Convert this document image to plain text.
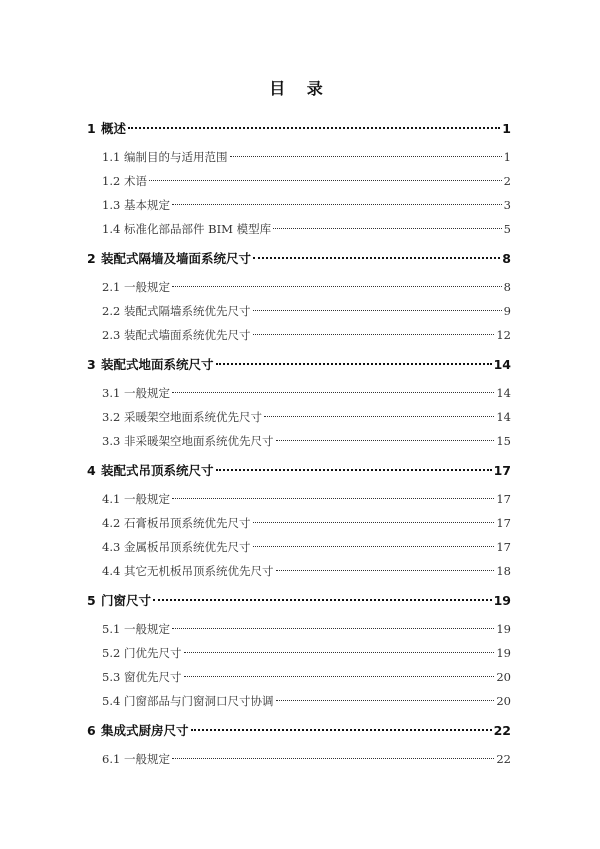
目 录
1 概述	1
1.1 编制目的与适用范围	1
1.2 术语	2
1.3 基本规定	3
1.4 标准化部品部件 BIM 模型库	5
2 装配式隔墙及墙面系统尺寸	8
2.1 一般规定	8
2.2 装配式隔墙系统优先尺寸	9
2.3 装配式墙面系统优先尺寸	12
3 装配式地面系统尺寸	14
3.1 一般规定	14
3.2 采暖架空地面系统优先尺寸	14
3.3 非采暖架空地面系统优先尺寸	15
4 装配式吊顶系统尺寸	17
4.1 一般规定	17
4.2 石膏板吊顶系统优先尺寸	17
4.3 金属板吊顶系统优先尺寸	17
4.4 其它无机板吊顶系统优先尺寸	18
5 门窗尺寸	19
5.1 一般规定	19
5.2 门优先尺寸	19
5.3 窗优先尺寸	20
5.4 门窗部品与门窗洞口尺寸协调	20
6 集成式厨房尺寸	22
6.1 一般规定	22
